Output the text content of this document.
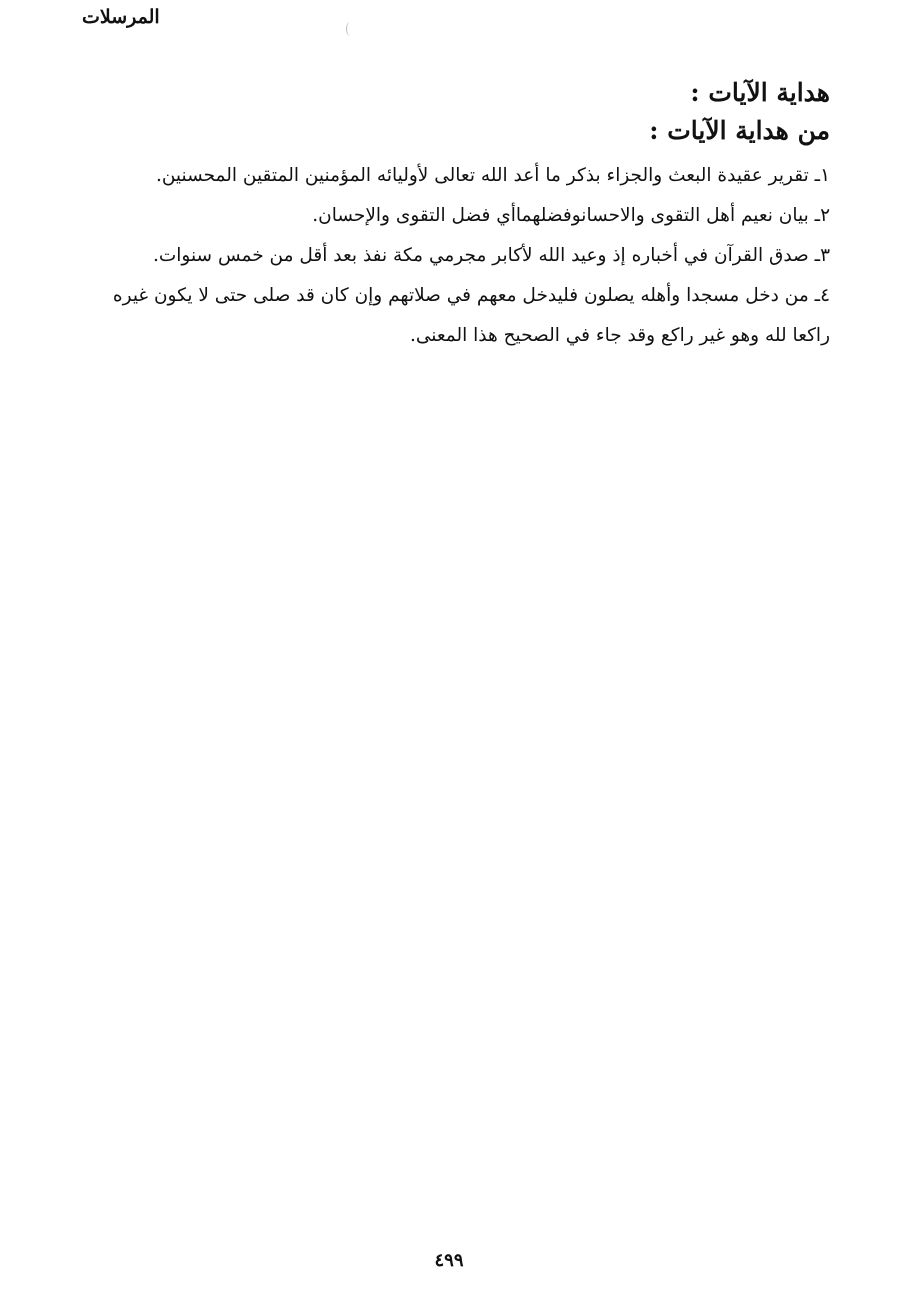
المرسلات
هداية الآيات :
من هداية الآيات :

١ـ تقرير عقيدة البعث والجزاء بذكر ما أعد الله تعالى لأوليائه المؤمنين المتقين المحسنين.

٢ـ بيان نعيم أهل التقوى والاحسانوفضلهماأي فضل التقوى والإحسان.

٣ـ صدق القرآن في أخباره إذ وعيد الله لأكابر مجرمي مكة نفذ بعد أقل من خمس سنوات.

٤ـ من دخل مسجدا وأهله يصلون فليدخل معهم في صلاتهم وإن كان قد صلى حتى لا يكون غيره راكعا لله وهو غير راكع وقد جاء في الصحيح هذا المعنى.

٤٩٩
